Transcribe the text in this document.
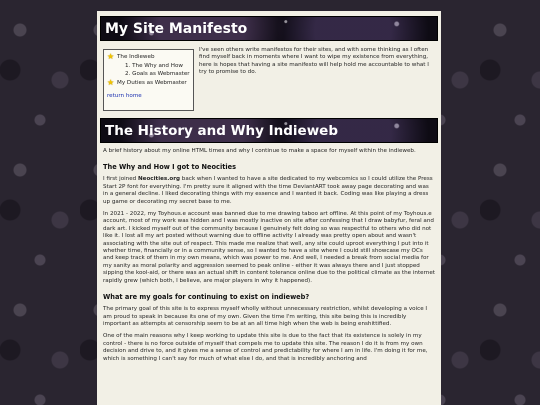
My Site Manifesto
★ The Indieweb
1. The Why and How
2. Goals as Webmaster
★ My Duties as Webmaster
return home
I've seen others write manifestos for their sites, and with some thinking as I often find myself back in moments where I want to wipe my existence from everything, here is hopes that having a site manifesto will help hold me accountable to what I try to promise to do.
The History and Why Indieweb

A brief history about my online HTML times and why I continue to make a space for myself within the indieweb.

The Why and How I got to Neocities

I first joined Neocities.org back when I wanted to have a site dedicated to my webcomics so I could utilize the Press Start 2P font for everything. I'm pretty sure it aligned with the time DeviantART took away page decorating and was in a general decline. I liked decorating things with my essence and I wanted it back. Coding was like playing a dress up game or decorating my secret base to me.

In 2021 - 2022, my Toyhous.e account was banned due to me drawing taboo art offline. At this point of my Toyhous.e account, most of my work was hidden and I was mostly inactive on site after confessing that I draw babyfur, feral and dark art. I kicked myself out of the community because I genuinely felt doing so was respectful to others who did not like it. I lost all my art posted without warning due to offline activity I already was pretty open about and wasn't associating with the site out of respect. This made me realize that well, any site could uproot everything I put into it whether time, financially or in a community sense, so I wanted to have a site where I could still showcase my OCs and keep track of them in my own means, which was power to me. And well, I needed a break from social media for my sanity as moral polarity and aggression seemed to peak online - either it was always there and I just stopped sipping the kool-aid, or there was an actual shift in content tolerance online due to the political climate as the internet rapidly grew (which both, I believe, are major players in why it happened).

What are my goals for continuing to exist on indieweb?

The primary goal of this site is to express myself wholly without unnecessary restriction, whilst developing a voice I am proud to speak in because its one of my own. Given the time I'm writing, this site being this is incredibly important as attempts at censorship seem to be at an all time high when the web is being enshittified.

One of the main reasons why I keep working to update this site is due to the fact that its existence is solely in my control - there is no force outside of myself that compels me to update this site. The reason I do it is from my own decision and drive to, and it gives me a sense of control and predictability for where I am in life. I'm doing it for me, which is something I can't say for much of what else I do, and that is incredibly anchoring and
